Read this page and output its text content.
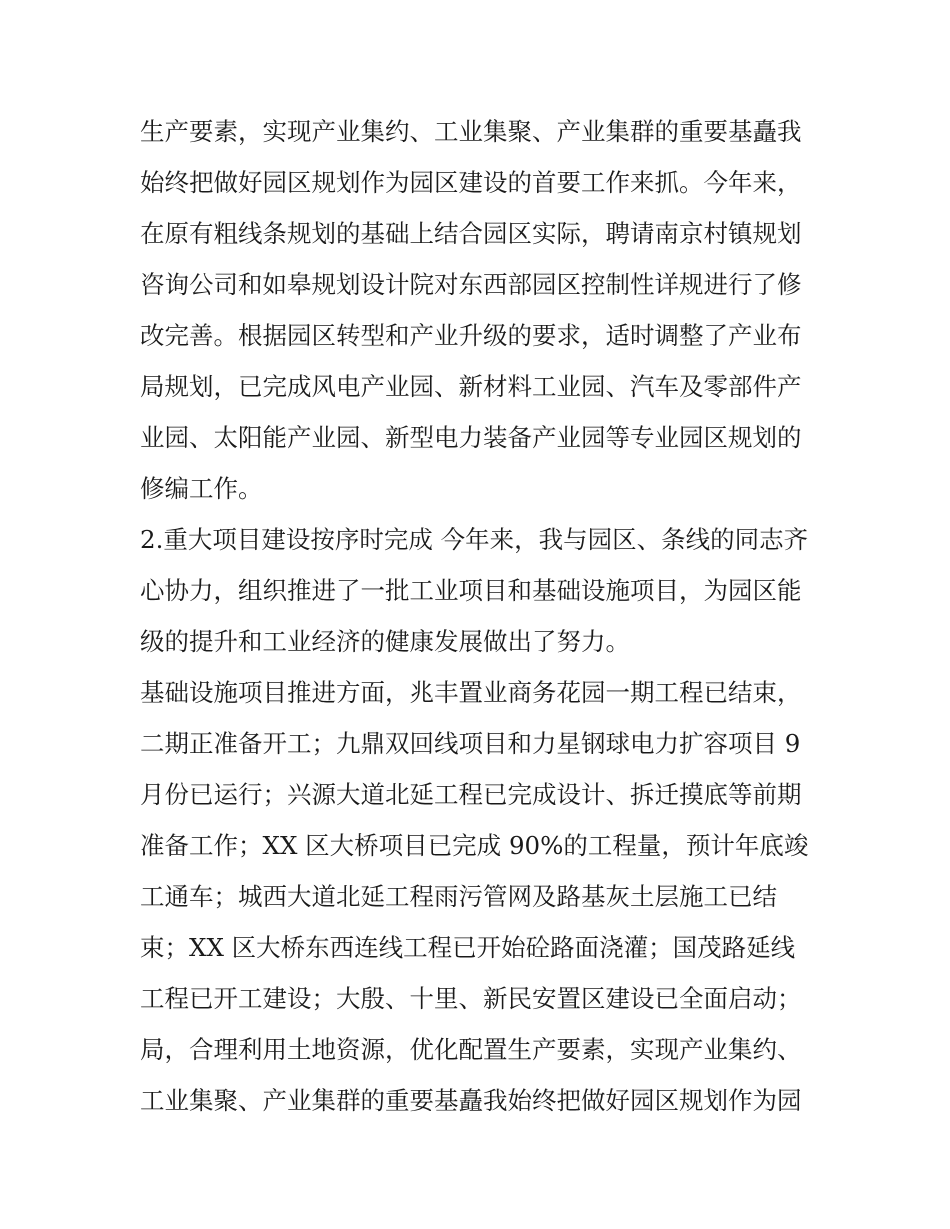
生产要素，实现产业集约、工业集聚、产业集群的重要基矗我
始终把做好园区规划作为园区建设的首要工作来抓。今年来，
在原有粗线条规划的基础上结合园区实际，聘请南京村镇规划
咨询公司和如皋规划设计院对东西部园区控制性详规进行了修
改完善。根据园区转型和产业升级的要求，适时调整了产业布
局规划，已完成风电产业园、新材料工业园、汽车及零部件产
业园、太阳能产业园、新型电力装备产业园等专业园区规划的
修编工作。
2.重大项目建设按序时完成 今年来，我与园区、条线的同志齐
心协力，组织推进了一批工业项目和基础设施项目，为园区能
级的提升和工业经济的健康发展做出了努力。
基础设施项目推进方面，兆丰置业商务花园一期工程已结束，
二期正准备开工；九鼎双回线项目和力星钢球电力扩容项目 9
月份已运行；兴源大道北延工程已完成设计、拆迁摸底等前期
准备工作；XX 区大桥项目已完成 90%的工程量，预计年底竣
工通车；城西大道北延工程雨污管网及路基灰土层施工已结
束；XX 区大桥东西连线工程已开始砼路面浇灌；国茂路延线
工程已开工建设；大殷、十里、新民安置区建设已全面启动；
局，合理利用土地资源，优化配置生产要素，实现产业集约、
工业集聚、产业集群的重要基矗我始终把做好园区规划作为园
